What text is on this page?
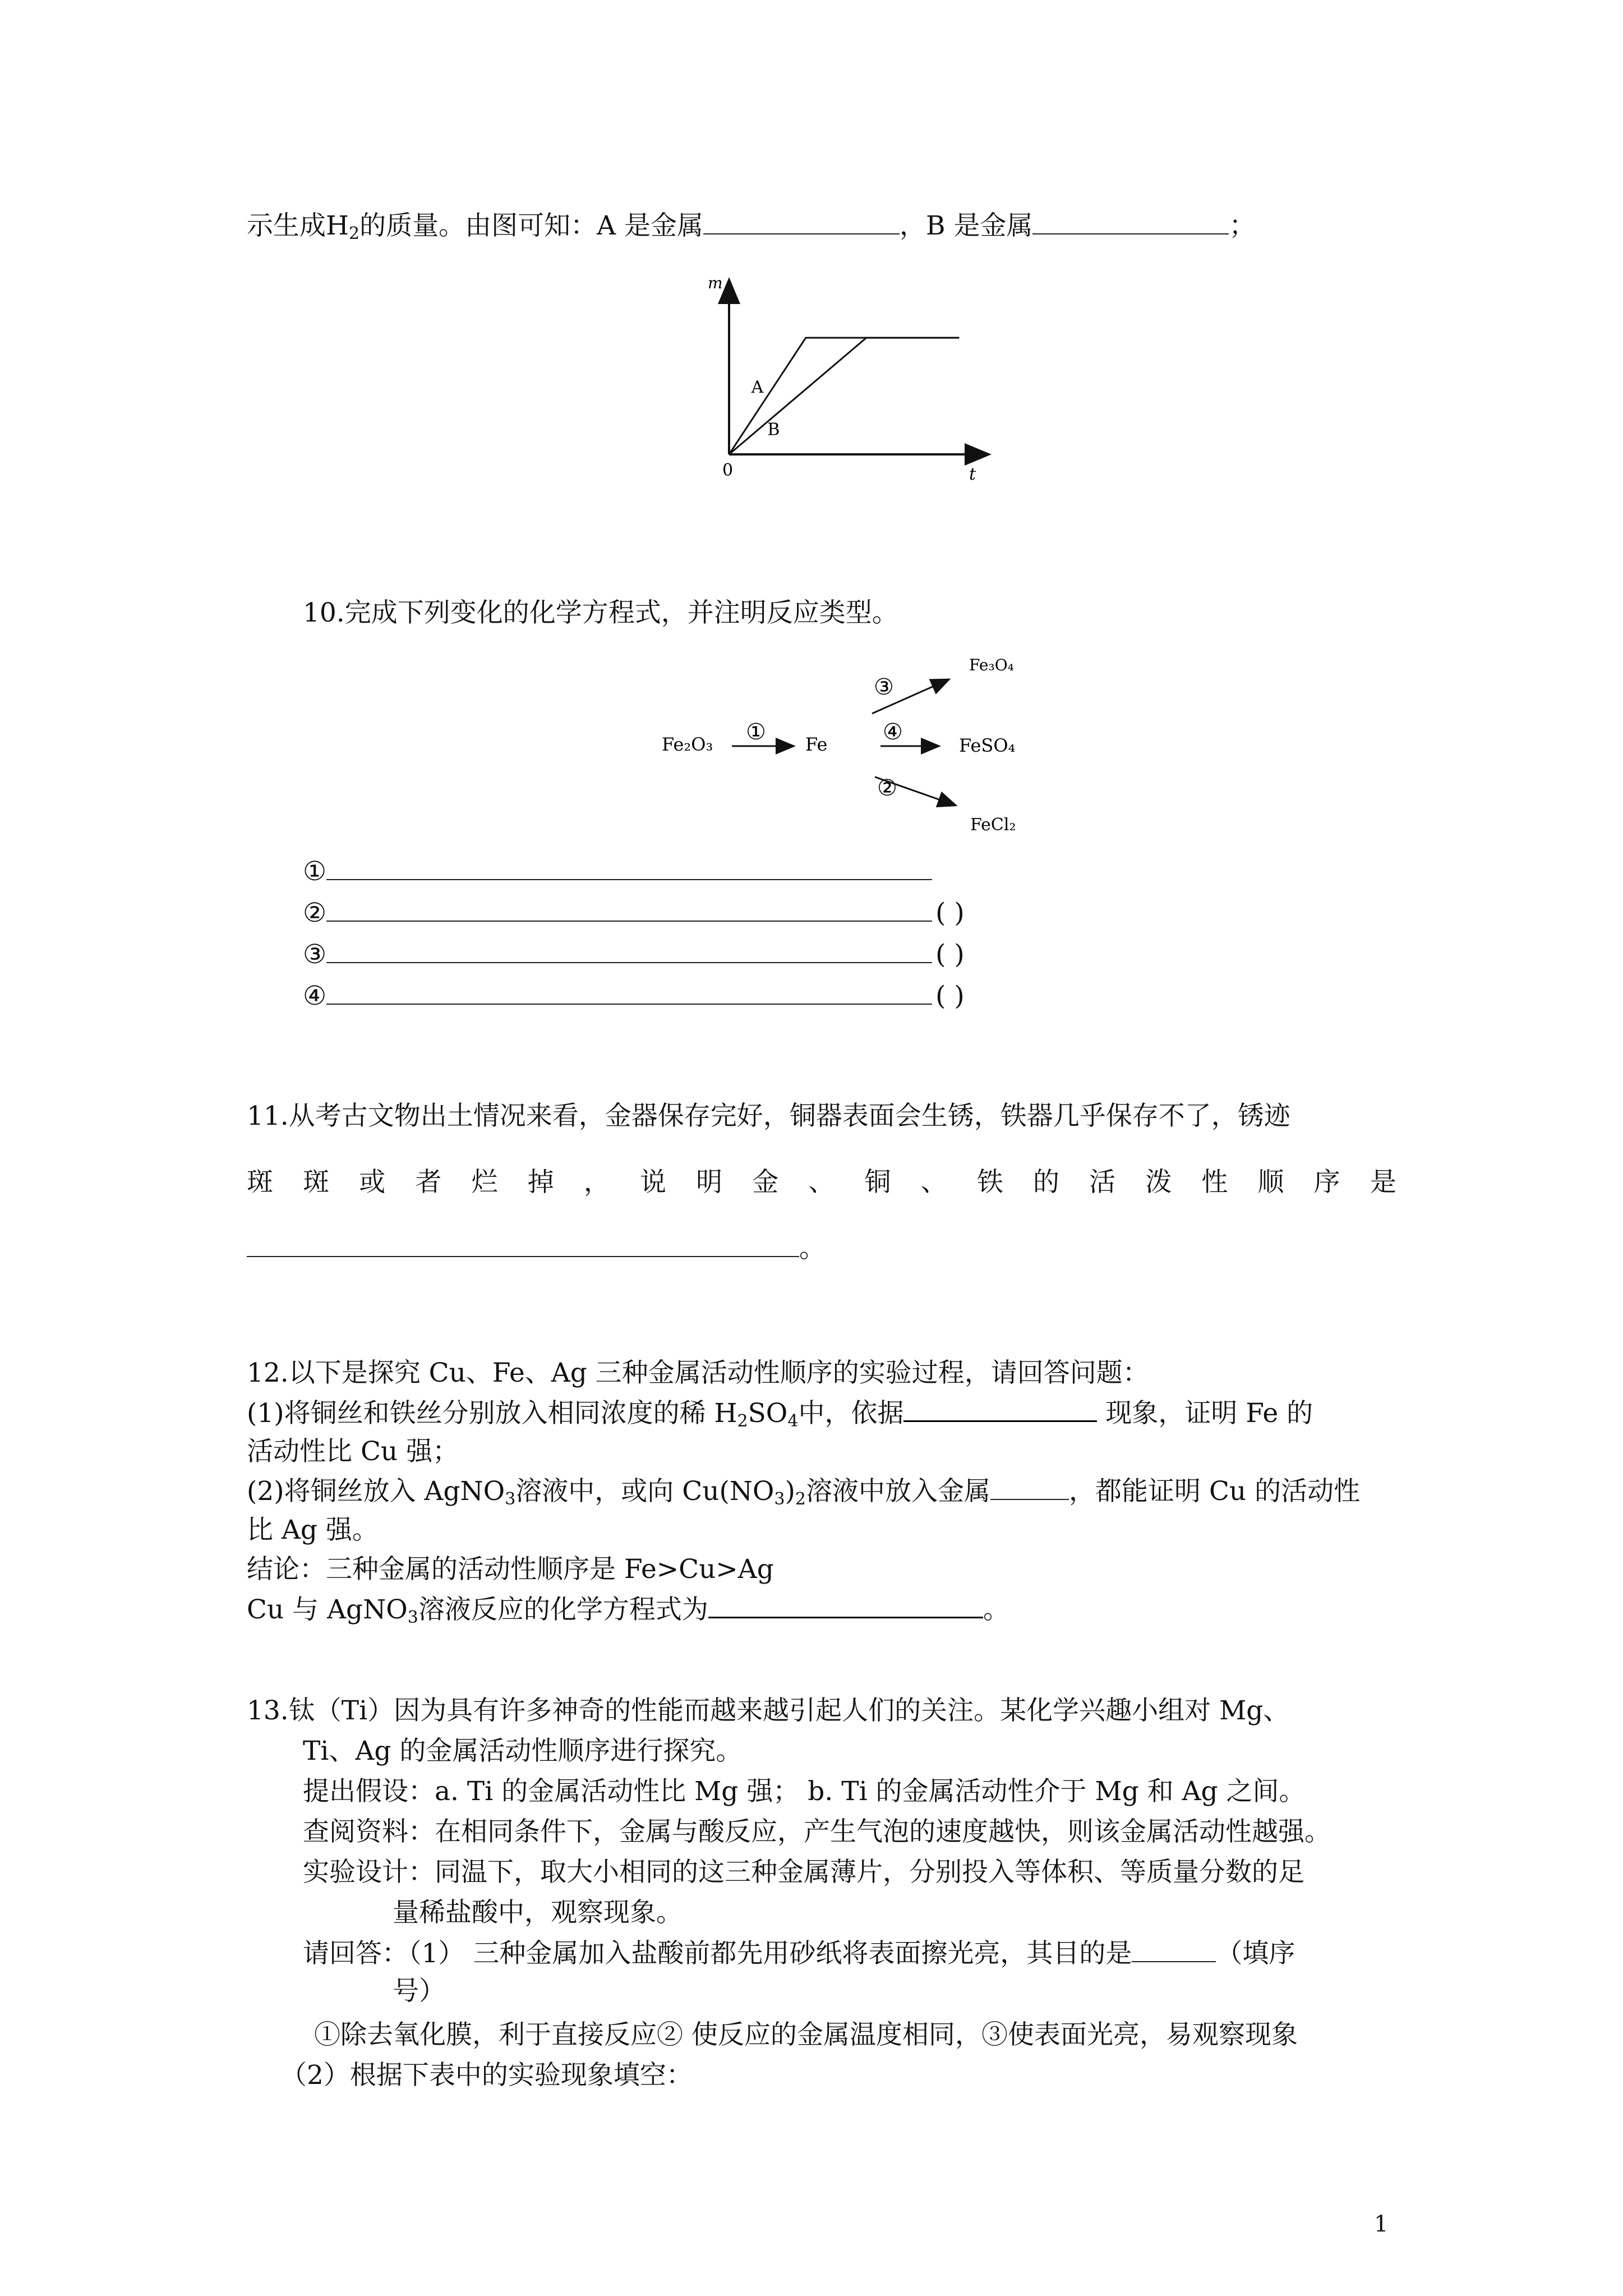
示生成$H_2$的质量。由图可知：A 是金属	，B 是金属	；
m
t
0
A
B
10.完成下列变化的化学方程式，并注明反应类型。
Fe₂O₃ ① Fe
③
Fe₃O₄
④
FeSO₄
②
FeCl₂
①
②	( )
③	( )
④	( )
11.从考古文物出土情况来看，金器保存完好，铜器表面会生锈，铁器几乎保存不了，锈迹
斑 斑 或 者 烂 掉 ， 说 明 金 、 铜 、 铁 的 活 泼 性 顺 序 是
。
12.以下是探究 Cu、Fe、Ag 三种金属活动性顺序的实验过程，请回答问题：
(1)将铜丝和铁丝分别放入相同浓度的稀 $H_2SO_4$中，依据	现象，证明 Fe 的
活动性比 Cu 强；
(2)将铜丝放入 AgNO$_3$溶液中，或向 $Cu(NO_3)_2$溶液中放入金属	，都能证明 Cu 的活动性
比 Ag 强。
结论：三种金属的活动性顺序是 Fe>Cu>Ag
Cu 与 AgNO$_3$溶液反应的化学方程式为	。
13.钛（Ti）因为具有许多神奇的性能而越来越引起人们的关注。某化学兴趣小组对 Mg、
Ti、Ag 的金属活动性顺序进行探究。
提出假设：a. Ti 的金属活动性比 Mg 强； b. Ti 的金属活动性介于 Mg 和 Ag 之间。
查阅资料：在相同条件下，金属与酸反应，产生气泡的速度越快，则该金属活动性越强。
实验设计：同温下，取大小相同的这三种金属薄片，分别投入等体积、等质量分数的足
量稀盐酸中，观察现象。
请回答：（1） 三种金属加入盐酸前都先用砂纸将表面擦光亮，其目的是	（填序
号）
①除去氧化膜，利于直接反应② 使反应的金属温度相同，③使表面光亮，易观察现象
（2）根据下表中的实验现象填空：
1
